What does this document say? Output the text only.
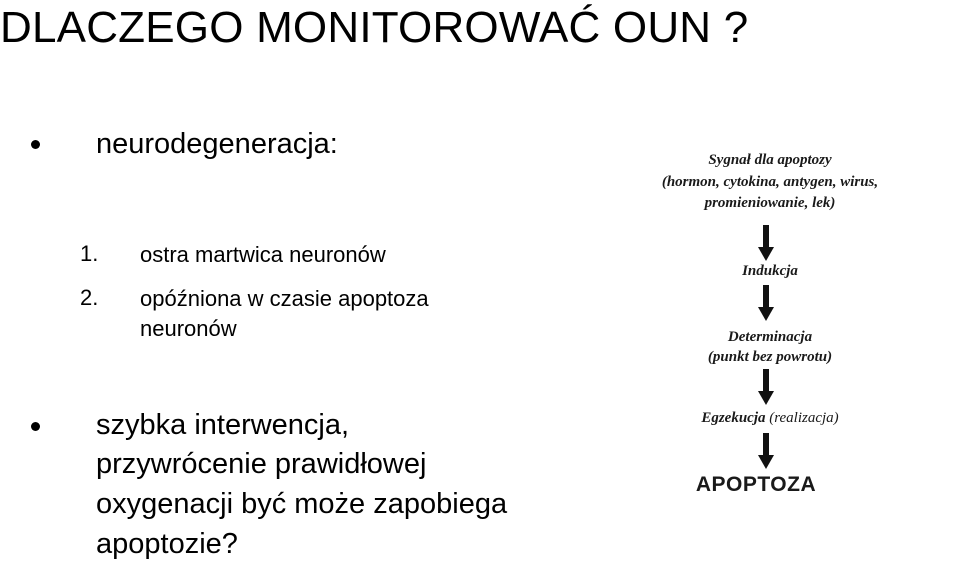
DLACZEGO MONITOROWAĆ OUN ?
neurodegeneracja:
1. ostra martwica neuronów
2. opóźniona w czasie apoptoza
neuronów
szybka interwencja,
przywrócenie prawidłowej
oxygenacji być może zapobiega
apoptozie?
Sygnał dla apoptozy
(hormon, cytokina, antygen, wirus,
promieniowanie, lek)
Indukcja
Determinacja
(punkt bez powrotu)
Egzekucja (realizacja)
APOPTOZA
